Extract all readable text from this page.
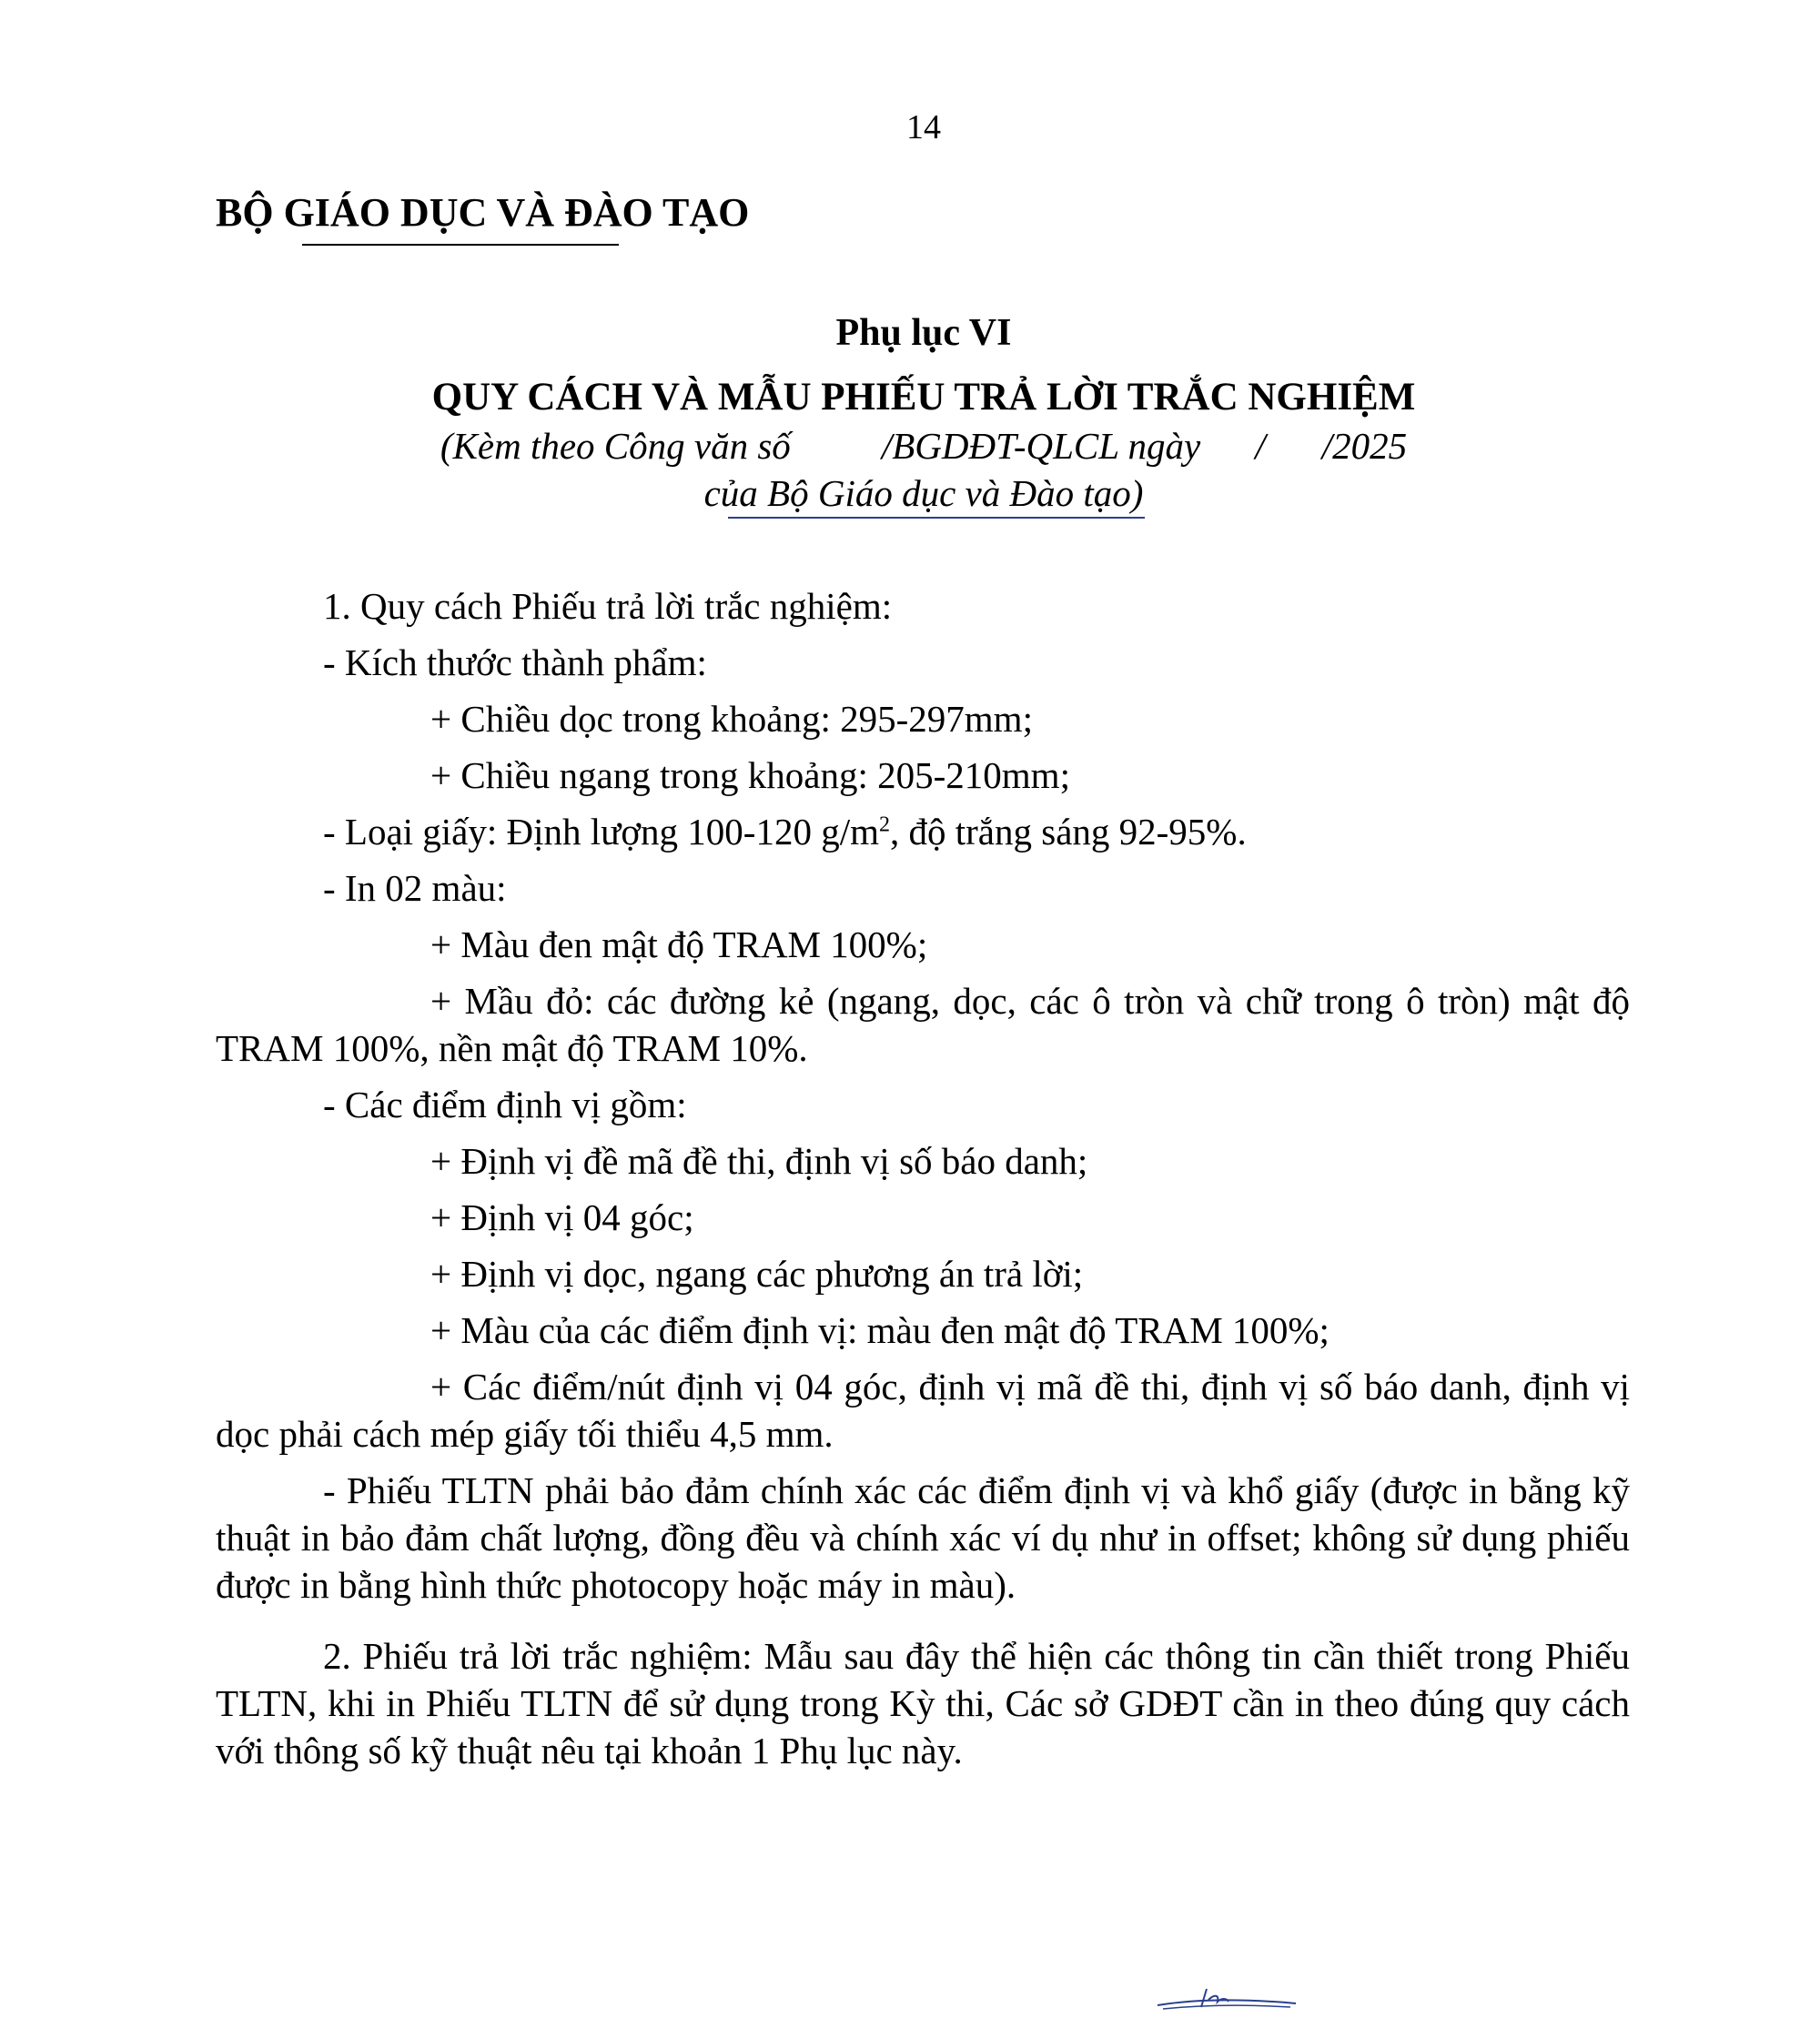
14
BỘ GIÁO DỤC VÀ ĐÀO TẠO
Phụ lục VI
QUY CÁCH VÀ MẪU PHIẾU TRẢ LỜI TRẮC NGHIỆM
(Kèm theo Công văn số /BGDĐT-QLCL ngày / /2025
của Bộ Giáo dục và Đào tạo)

1. Quy cách Phiếu trả lời trắc nghiệm:

- Kích thước thành phẩm:

+ Chiều dọc trong khoảng: 295-297mm;

+ Chiều ngang trong khoảng: 205-210mm;

- Loại giấy: Định lượng 100-120 $g/m^2$, độ trắng sáng 92-95%.

- In 02 màu:

+ Màu đen mật độ TRAM 100%;

+ Mầu đỏ: các đường kẻ (ngang, dọc, các ô tròn và chữ trong ô tròn) mật độ TRAM 100%, nền mật độ TRAM 10%.

- Các điểm định vị gồm:

+ Định vị đề mã đề thi, định vị số báo danh;

+ Định vị 04 góc;

+ Định vị dọc, ngang các phương án trả lời;

+ Màu của các điểm định vị: màu đen mật độ TRAM 100%;

+ Các điểm/nút định vị 04 góc, định vị mã đề thi, định vị số báo danh, định vị dọc phải cách mép giấy tối thiểu 4,5 mm.

- Phiếu TLTN phải bảo đảm chính xác các điểm định vị và khổ giấy (được in bằng kỹ thuật in bảo đảm chất lượng, đồng đều và chính xác ví dụ như in offset; không sử dụng phiếu được in bằng hình thức photocopy hoặc máy in màu).

2. Phiếu trả lời trắc nghiệm: Mẫu sau đây thể hiện các thông tin cần thiết trong Phiếu TLTN, khi in Phiếu TLTN để sử dụng trong Kỳ thi, Các sở GDĐT cần in theo đúng quy cách với thông số kỹ thuật nêu tại khoản 1 Phụ lục này.
